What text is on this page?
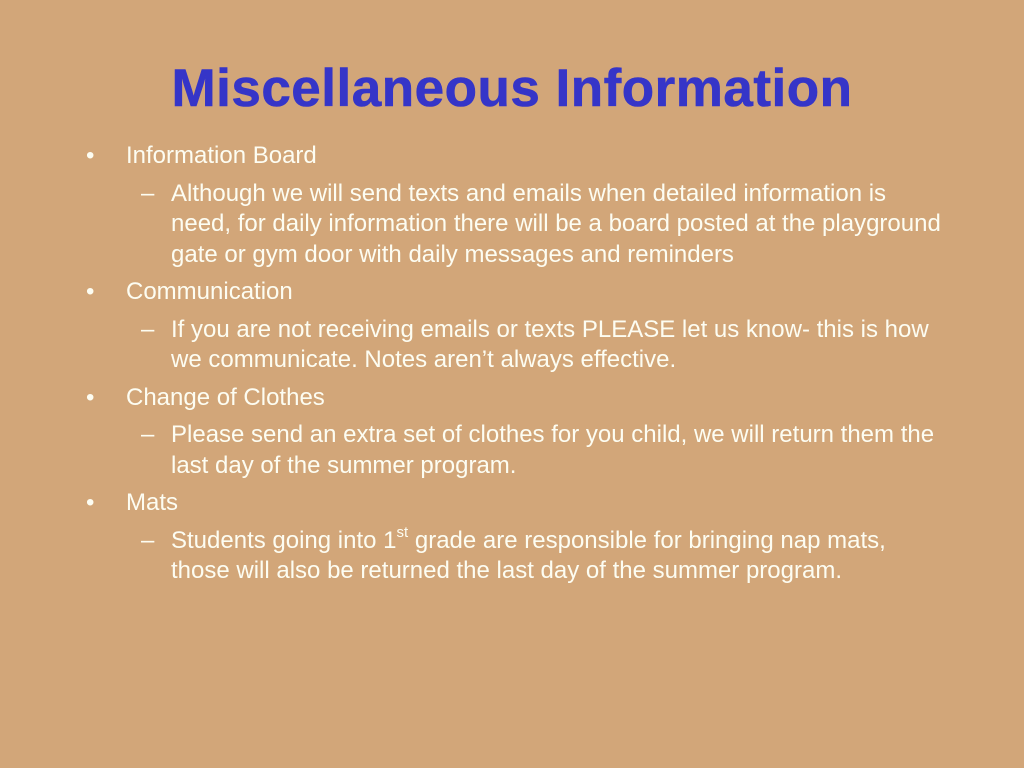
Miscellaneous Information
•	Information Board
– Although we will send texts and emails when detailed information is need, for daily information there will be a board posted at the playground gate or gym door with daily messages and reminders
•	Communication
– If you are not receiving emails or texts PLEASE let us know- this is how we communicate. Notes aren’t always effective.
•	Change of Clothes
– Please send an extra set of clothes for you child, we will return them the last day of the summer program.
•	Mats
– Students going into 1st grade are responsible for bringing nap mats, those will also be returned the last day of the summer program.
